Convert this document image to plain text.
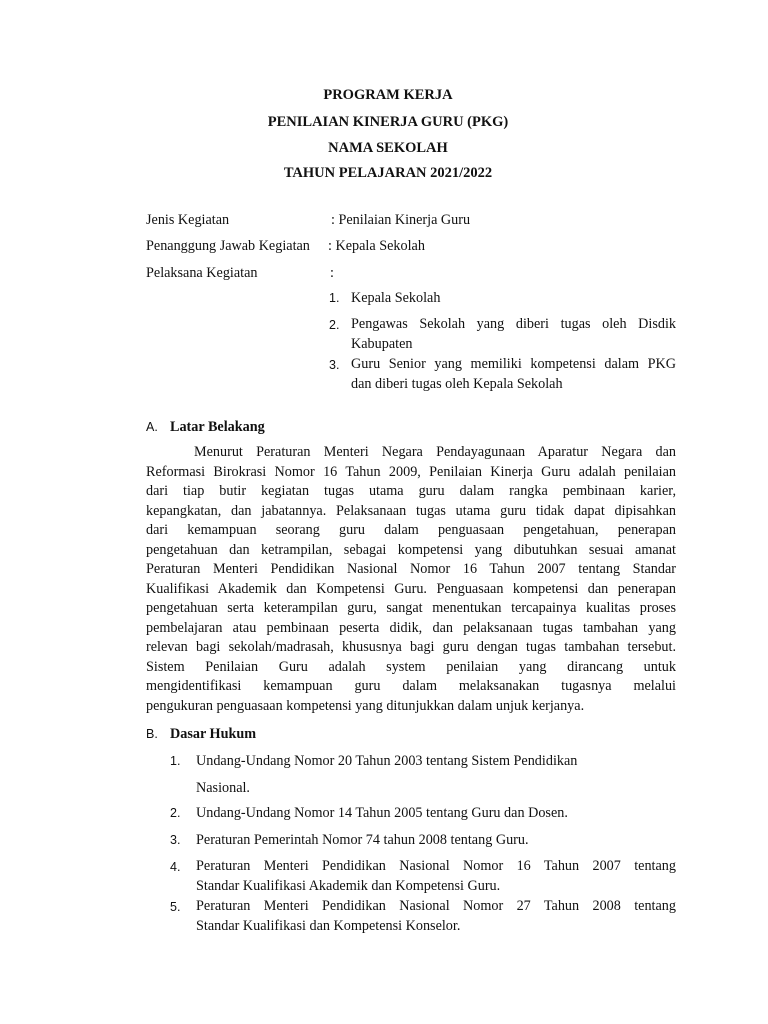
PROGRAM KERJA
PENILAIAN KINERJA GURU (PKG)
NAMA SEKOLAH
TAHUN PELAJARAN 2021/2022
Jenis Kegiatan	: Penilaian Kinerja Guru
Penanggung Jawab Kegiatan : Kepala Sekolah
Pelaksana Kegiatan	:
1. Kepala Sekolah
2. Pengawas Sekolah yang diberi tugas oleh Disdik
Kabupaten
3. Guru Senior yang memiliki kompetensi dalam PKG
dan diberi tugas oleh Kepala Sekolah
A. Latar Belakang
Menurut Peraturan Menteri Negara Pendayagunaan Aparatur Negara dan
Reformasi Birokrasi Nomor 16 Tahun 2009, Penilaian Kinerja Guru adalah penilaian
dari tiap butir kegiatan tugas utama guru dalam rangka pembinaan karier,
kepangkatan, dan jabatannya. Pelaksanaan tugas utama guru tidak dapat dipisahkan
dari kemampuan seorang guru dalam penguasaan pengetahuan, penerapan
pengetahuan dan ketrampilan, sebagai kompetensi yang dibutuhkan sesuai amanat
Peraturan Menteri Pendidikan Nasional Nomor 16 Tahun 2007 tentang Standar
Kualifikasi Akademik dan Kompetensi Guru. Penguasaan kompetensi dan penerapan
pengetahuan serta keterampilan guru, sangat menentukan tercapainya kualitas proses
pembelajaran atau pembinaan peserta didik, dan pelaksanaan tugas tambahan yang
relevan bagi sekolah/madrasah, khususnya bagi guru dengan tugas tambahan tersebut.
Sistem Penilaian Guru adalah system penilaian yang dirancang untuk
mengidentifikasi kemampuan guru dalam melaksanakan tugasnya melalui
pengukuran penguasaan kompetensi yang ditunjukkan dalam unjuk kerjanya.
B. Dasar Hukum
1. Undang-Undang Nomor 20 Tahun 2003 tentang Sistem Pendidikan
Nasional.
2. Undang-Undang Nomor 14 Tahun 2005 tentang Guru dan Dosen.
3. Peraturan Pemerintah Nomor 74 tahun 2008 tentang Guru.
4. Peraturan Menteri Pendidikan Nasional Nomor 16 Tahun 2007 tentang
Standar Kualifikasi Akademik dan Kompetensi Guru.
5. Peraturan Menteri Pendidikan Nasional Nomor 27 Tahun 2008 tentang
Standar Kualifikasi dan Kompetensi Konselor.
